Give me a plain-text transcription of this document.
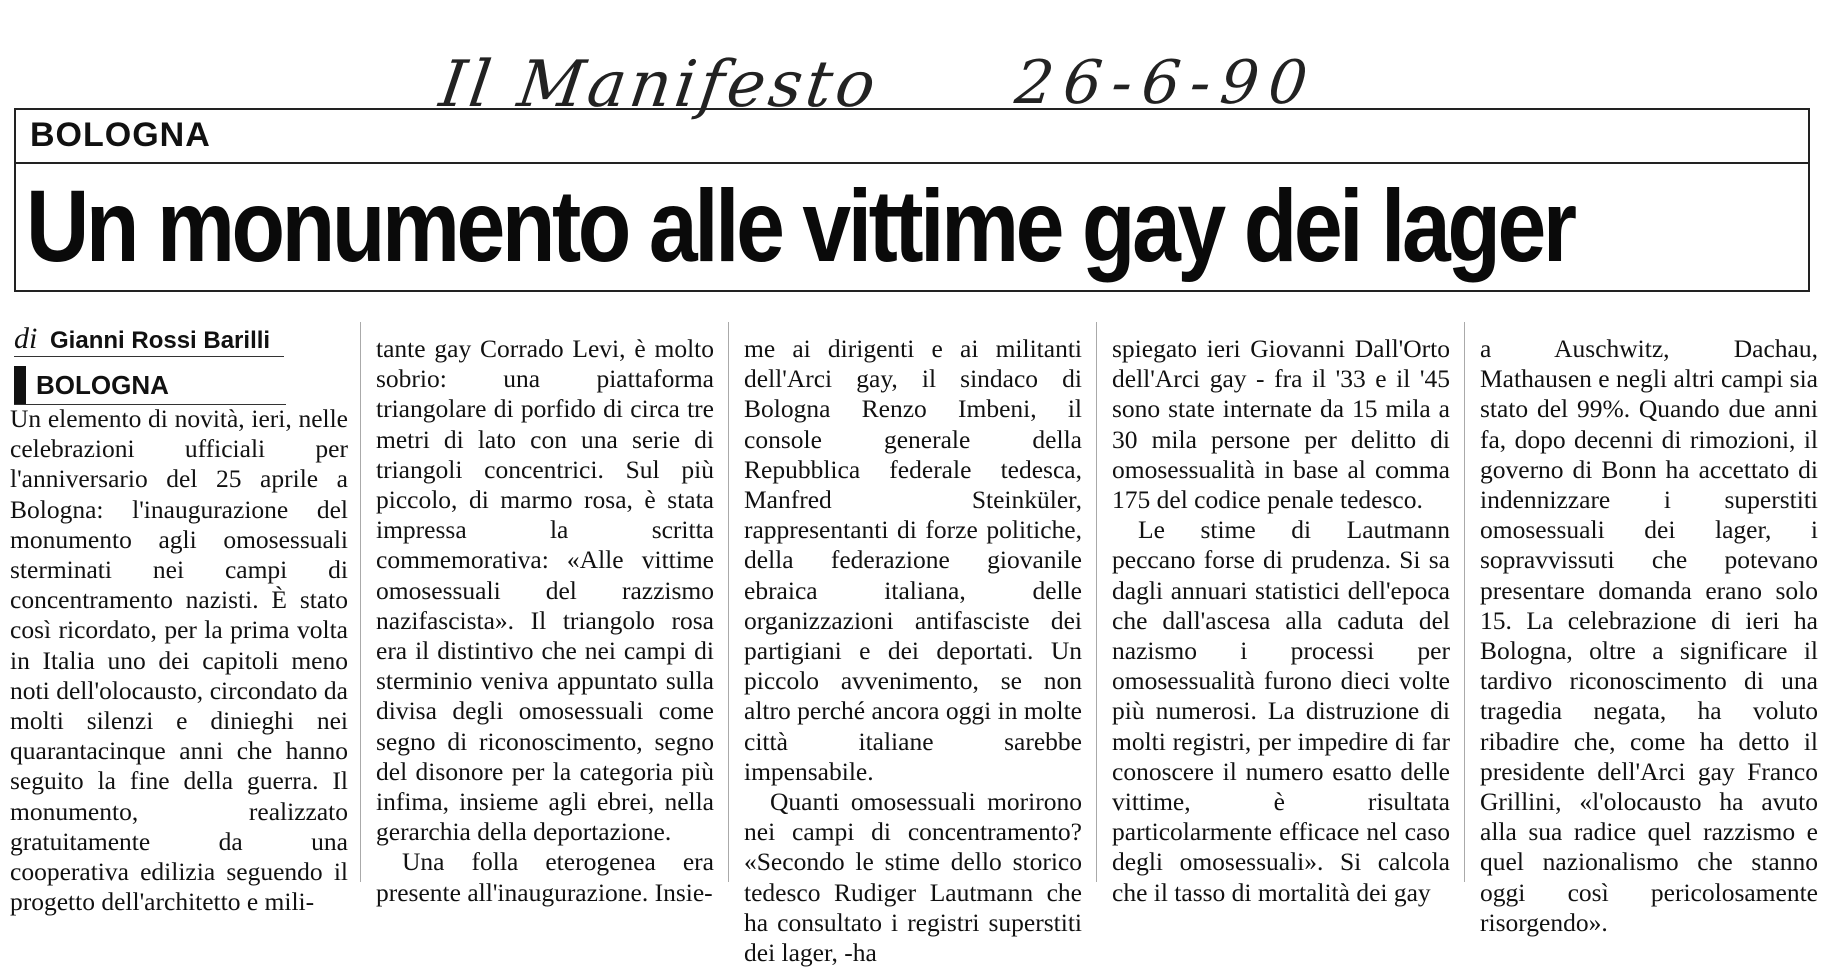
Il Manifesto 26-6-90
BOLOGNA
Un monumento alle vittime gay dei lager
di Gianni Rossi Barilli
BOLOGNA

Un elemento di novità, ieri, nelle celebrazioni ufficiali per l'anniversario del 25 aprile a Bologna: l'inaugurazione del monumento agli omosessuali sterminati nei campi di concentramento nazisti. È stato così ricordato, per la prima volta in Italia uno dei capitoli meno noti dell'olocausto, circondato da molti silenzi e dinieghi nei quarantacinque anni che hanno seguito la fine della guerra. Il monumento, realizzato gratuitamente da una cooperativa edilizia seguendo il progetto dell'architetto e mili-

tante gay Corrado Levi, è molto sobrio: una piattaforma triangolare di porfido di circa tre metri di lato con una serie di triangoli concentrici. Sul più piccolo, di marmo rosa, è stata impressa la scritta commemorativa: «Alle vittime omosessuali del razzismo nazifascista». Il triangolo rosa era il distintivo che nei campi di sterminio veniva appuntato sulla divisa degli omosessuali come segno di riconoscimento, segno del disonore per la categoria più infima, insieme agli ebrei, nella gerarchia della deportazione.

Una folla eterogenea era presente all'inaugurazione. Insie-

me ai dirigenti e ai militanti dell'Arci gay, il sindaco di Bologna Renzo Imbeni, il console generale della Repubblica federale tedesca, Manfred Steinküler, rappresentanti di forze politiche, della federazione giovanile ebraica italiana, delle organizzazioni antifasciste dei partigiani e dei deportati. Un piccolo avvenimento, se non altro perché ancora oggi in molte città italiane sarebbe impensabile.

Quanti omosessuali morirono nei campi di concentramento? «Secondo le stime dello storico tedesco Rudiger Lautmann che ha consultato i registri superstiti dei lager, -ha

spiegato ieri Giovanni Dall'Orto dell'Arci gay - fra il '33 e il '45 sono state internate da 15 mila a 30 mila persone per delitto di omosessualità in base al comma 175 del codice penale tedesco.

Le stime di Lautmann peccano forse di prudenza. Si sa dagli annuari statistici dell'epoca che dall'ascesa alla caduta del nazismo i processi per omosessualità furono dieci volte più numerosi. La distruzione di molti registri, per impedire di far conoscere il numero esatto delle vittime, è risultata particolarmente efficace nel caso degli omosessuali». Si calcola che il tasso di mortalità dei gay

a Auschwitz, Dachau, Mathausen e negli altri campi sia stato del 99%. Quando due anni fa, dopo decenni di rimozioni, il governo di Bonn ha accettato di indennizzare i superstiti omosessuali dei lager, i sopravvissuti che potevano presentare domanda erano solo 15. La celebrazione di ieri ha Bologna, oltre a significare il tardivo riconoscimento di una tragedia negata, ha voluto ribadire che, come ha detto il presidente dell'Arci gay Franco Grillini, «l'olocausto ha avuto alla sua radice quel razzismo e quel nazionalismo che stanno oggi così pericolosamente risorgendo».
